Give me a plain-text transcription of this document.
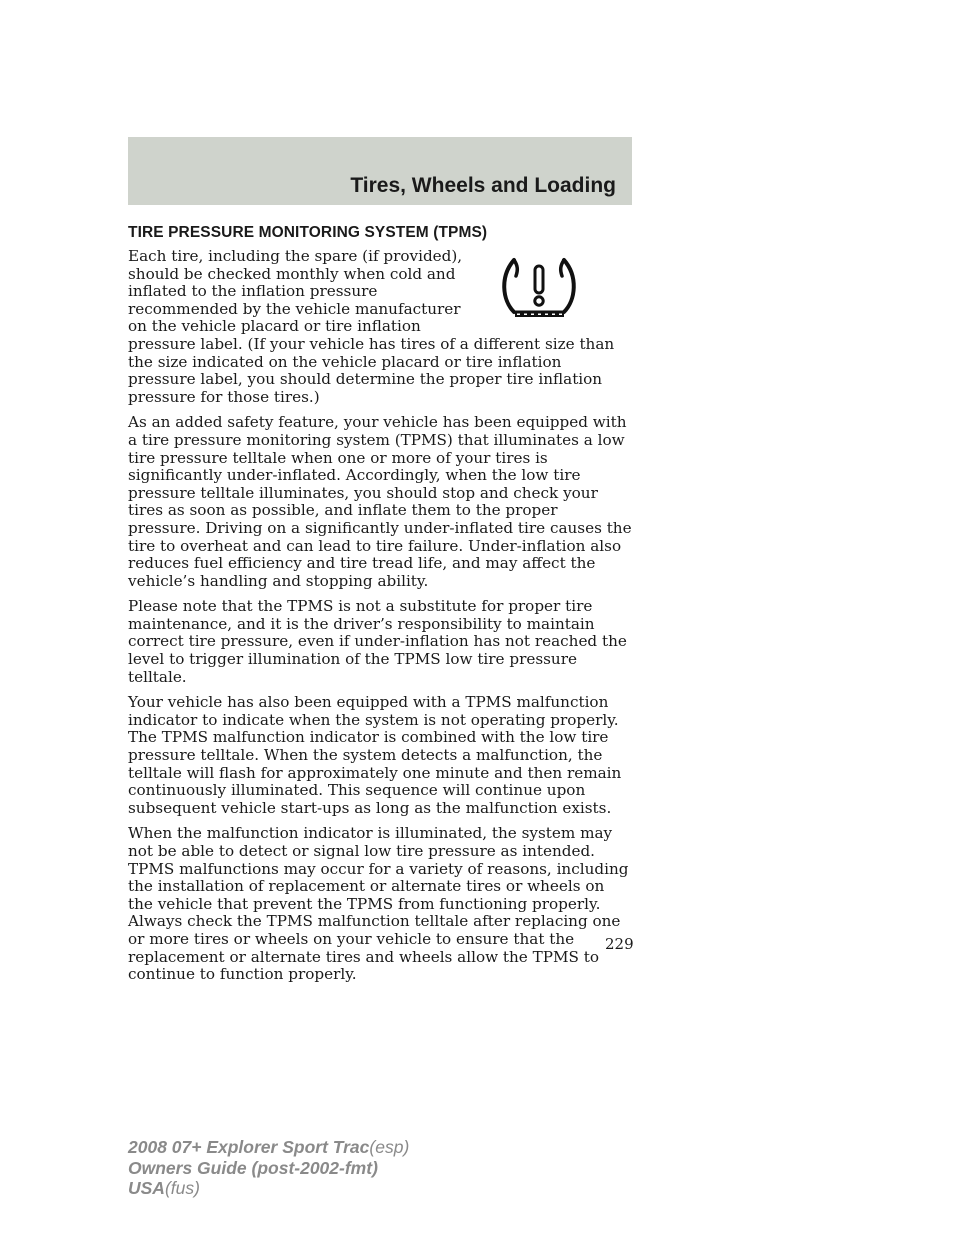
Tires, Wheels and Loading
TIRE PRESSURE MONITORING SYSTEM (TPMS)

Each tire, including the spare (if provided), should be checked monthly when cold and inflated to the inflation pressure recommended by the vehicle manufacturer on the vehicle placard or tire inflation pressure label. (If your vehicle has tires of a different size than the size indicated on the vehicle placard or tire inflation pressure label, you should determine the proper tire inflation pressure for those tires.)

As an added safety feature, your vehicle has been equipped with a tire pressure monitoring system (TPMS) that illuminates a low tire pressure telltale when one or more of your tires is significantly under-inflated. Accordingly, when the low tire pressure telltale illuminates, you should stop and check your tires as soon as possible, and inflate them to the proper pressure. Driving on a significantly under-inflated tire causes the tire to overheat and can lead to tire failure. Under-inflation also reduces fuel efficiency and tire tread life, and may affect the vehicle’s handling and stopping ability.

Please note that the TPMS is not a substitute for proper tire maintenance, and it is the driver’s responsibility to maintain correct tire pressure, even if under-inflation has not reached the level to trigger illumination of the TPMS low tire pressure telltale.

Your vehicle has also been equipped with a TPMS malfunction indicator to indicate when the system is not operating properly. The TPMS malfunction indicator is combined with the low tire pressure telltale. When the system detects a malfunction, the telltale will flash for approximately one minute and then remain continuously illuminated. This sequence will continue upon subsequent vehicle start-ups as long as the malfunction exists.

When the malfunction indicator is illuminated, the system may not be able to detect or signal low tire pressure as intended. TPMS malfunctions may occur for a variety of reasons, including the installation of replacement or alternate tires or wheels on the vehicle that prevent the TPMS from functioning properly. Always check the TPMS malfunction telltale after replacing one or more tires or wheels on your vehicle to ensure that the replacement or alternate tires and wheels allow the TPMS to continue to function properly.

229
2008 07+ Explorer Sport Trac(esp)
Owners Guide (post-2002-fmt)
USA(fus)
